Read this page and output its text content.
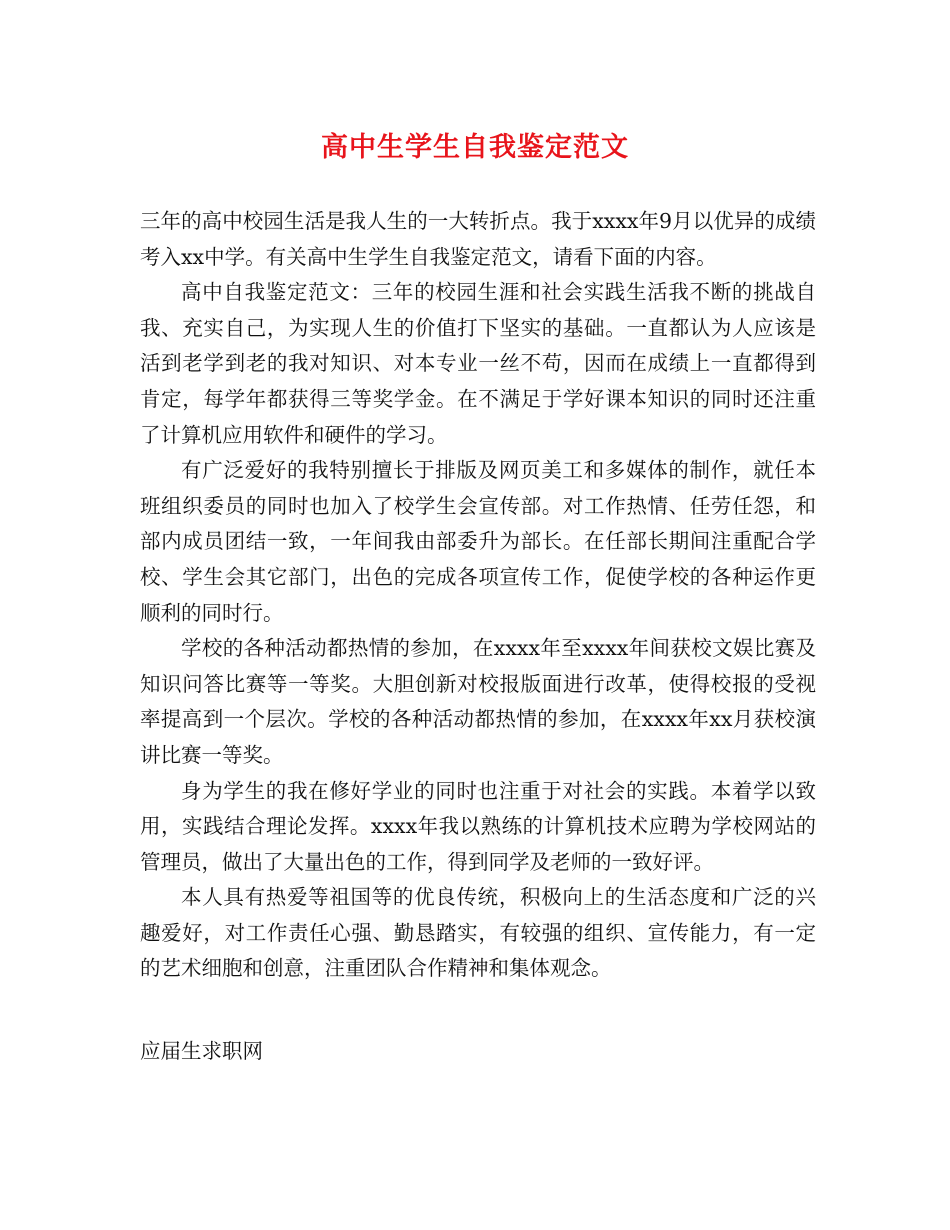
高中生学生自我鉴定范文

三年的高中校园生活是我人生的一大转折点。我于xxxx年9月以优异的成绩考入xx中学。有关高中生学生自我鉴定范文，请看下面的内容。

高中自我鉴定范文：三年的校园生涯和社会实践生活我不断的挑战自我、充实自己，为实现人生的价值打下坚实的基础。一直都认为人应该是活到老学到老的我对知识、对本专业一丝不苟，因而在成绩上一直都得到肯定，每学年都获得三等奖学金。在不满足于学好课本知识的同时还注重了计算机应用软件和硬件的学习。

有广泛爱好的我特别擅长于排版及网页美工和多媒体的制作，就任本班组织委员的同时也加入了校学生会宣传部。对工作热情、任劳任怨，和部内成员团结一致，一年间我由部委升为部长。在任部长期间注重配合学校、学生会其它部门，出色的完成各项宣传工作，促使学校的各种运作更顺利的同时行。

学校的各种活动都热情的参加，在xxxx年至xxxx年间获校文娱比赛及知识问答比赛等一等奖。大胆创新对校报版面进行改革，使得校报的受视率提高到一个层次。学校的各种活动都热情的参加，在xxxx年xx月获校演讲比赛一等奖。

身为学生的我在修好学业的同时也注重于对社会的实践。本着学以致用，实践结合理论发挥。xxxx年我以熟练的计算机技术应聘为学校网站的管理员，做出了大量出色的工作，得到同学及老师的一致好评。

本人具有热爱等祖国等的优良传统，积极向上的生活态度和广泛的兴趣爱好，对工作责任心强、勤恳踏实，有较强的组织、宣传能力，有一定的艺术细胞和创意，注重团队合作精神和集体观念。

应届生求职网
